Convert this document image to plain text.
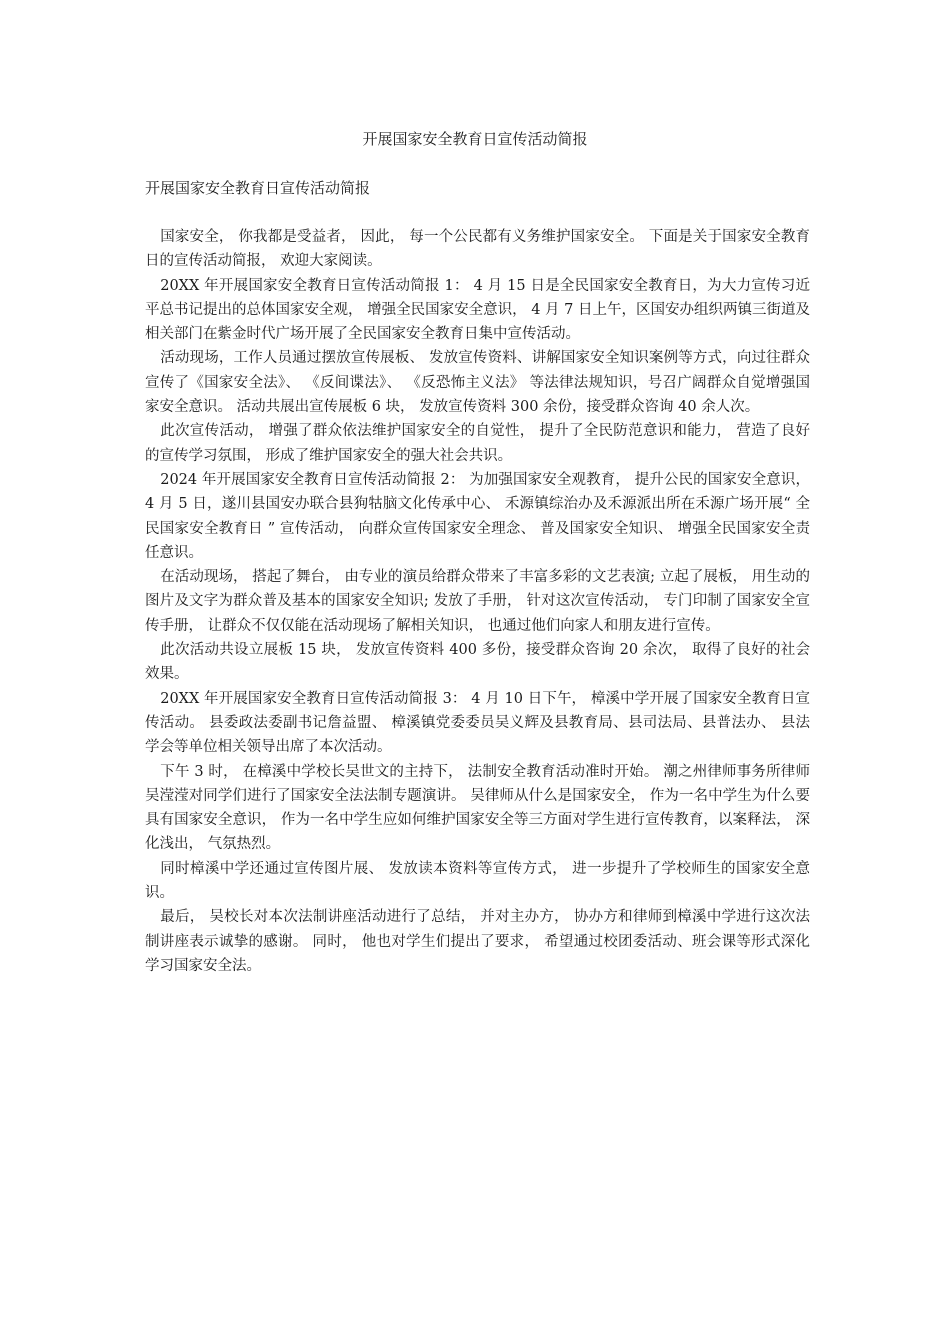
开展国家安全教育日宣传活动简报
开展国家安全教育日宣传活动简报

国家安全， 你我都是受益者， 因此， 每一个公民都有义务维护国家安全。 下面是关于国家安全教育日的宣传活动简报， 欢迎大家阅读。

20XX 年开展国家安全教育日宣传活动简报 1： 4 月 15 日是全民国家安全教育日，为大力宣传习近平总书记提出的总体国家安全观， 增强全民国家安全意识， 4 月 7 日上午，区国安办组织两镇三街道及相关部门在紫金时代广场开展了全民国家安全教育日集中宣传活动。

活动现场，工作人员通过摆放宣传展板、 发放宣传资料、讲解国家安全知识案例等方式，向过往群众宣传了《国家安全法》、 《反间谍法》、 《反恐怖主义法》 等法律法规知识，号召广阔群众自觉增强国家安全意识。 活动共展出宣传展板 6 块， 发放宣传资料 300 余份，接受群众咨询 40 余人次。

此次宣传活动， 增强了群众依法维护国家安全的自觉性， 提升了全民防范意识和能力， 营造了良好的宣传学习氛围， 形成了维护国家安全的强大社会共识。

2024 年开展国家安全教育日宣传活动简报 2： 为加强国家安全观教育， 提升公民的国家安全意识， 4 月 5 日，遂川县国安办联合县狗牯脑文化传承中心、 禾源镇综治办及禾源派出所在禾源广场开展“ 全民国家安全教育日 ” 宣传活动， 向群众宣传国家安全理念、 普及国家安全知识、 增强全民国家安全责任意识。

在活动现场， 搭起了舞台， 由专业的演员给群众带来了丰富多彩的文艺表演; 立起了展板， 用生动的图片及文字为群众普及基本的国家安全知识; 发放了手册， 针对这次宣传活动， 专门印制了国家安全宣传手册， 让群众不仅仅能在活动现场了解相关知识， 也通过他们向家人和朋友进行宣传。

此次活动共设立展板 15 块， 发放宣传资料 400 多份，接受群众咨询 20 余次， 取得了良好的社会效果。

20XX 年开展国家安全教育日宣传活动简报 3： 4 月 10 日下午， 樟溪中学开展了国家安全教育日宣传活动。 县委政法委副书记詹益盟、 樟溪镇党委委员吴义辉及县教育局、县司法局、县普法办、 县法学会等单位相关领导出席了本次活动。

下午 3 时， 在樟溪中学校长吴世文的主持下， 法制安全教育活动准时开始。 潮之州律师事务所律师吴滢滢对同学们进行了国家安全法法制专题演讲。 吴律师从什么是国家安全， 作为一名中学生为什么要具有国家安全意识， 作为一名中学生应如何维护国家安全等三方面对学生进行宣传教育，以案释法， 深化浅出， 气氛热烈。

同时樟溪中学还通过宣传图片展、 发放读本资料等宣传方式， 进一步提升了学校师生的国家安全意识。

最后， 吴校长对本次法制讲座活动进行了总结， 并对主办方， 协办方和律师到樟溪中学进行这次法制讲座表示诚挚的感谢。 同时， 他也对学生们提出了要求， 希望通过校团委活动、班会课等形式深化学习国家安全法。
